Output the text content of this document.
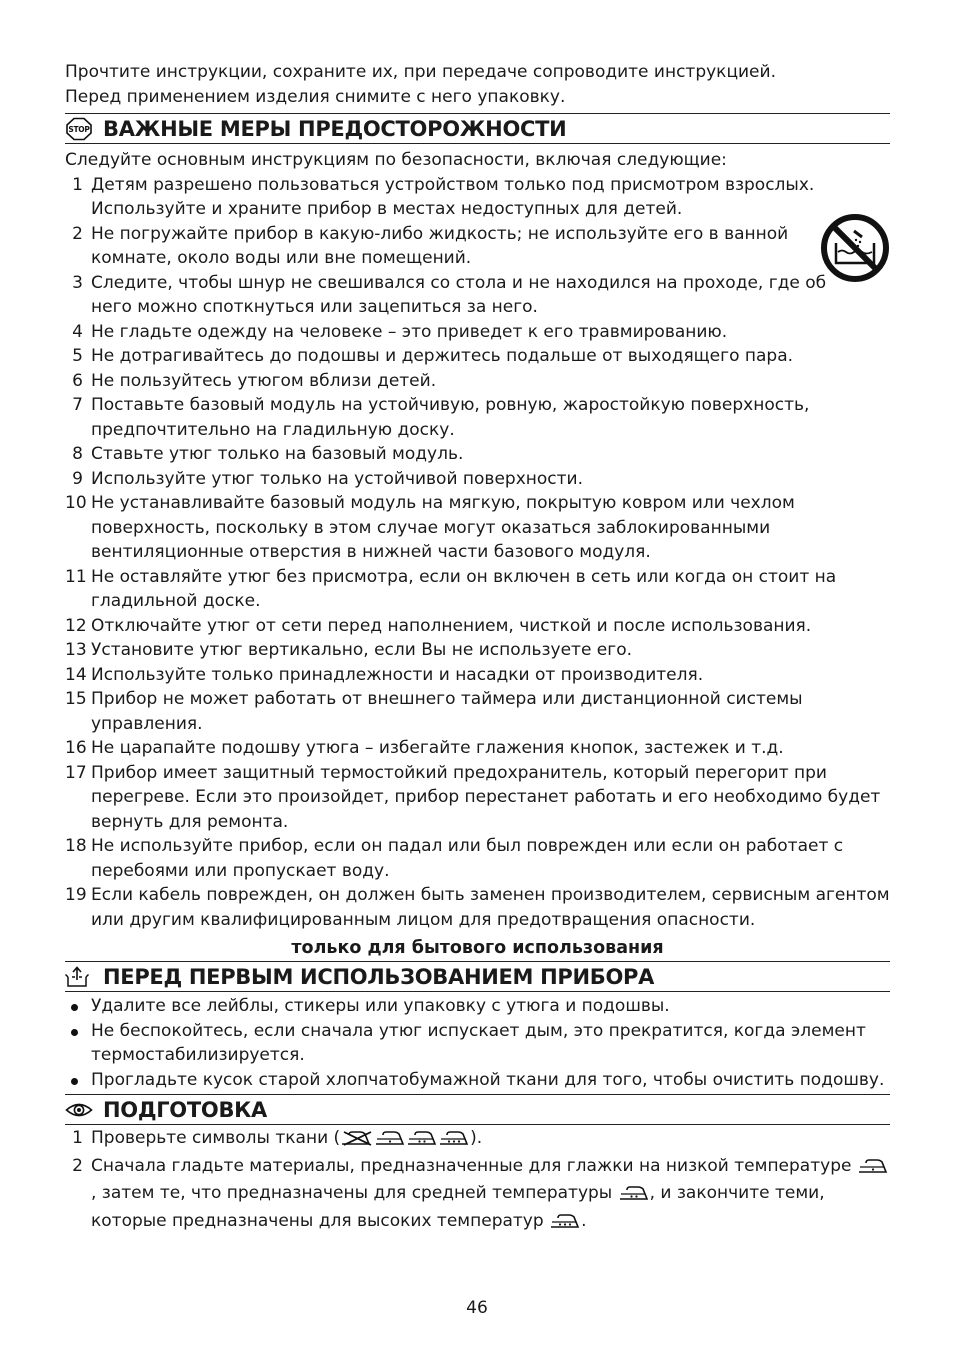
Прочтите инструкции, сохраните их, при передаче сопроводите инструкцией.

Перед применением изделия снимите с него упаковку.

STOP ВАЖНЫЕ МЕРЫ ПРЕДОСТОРОЖНОСТИ

Следуйте основным инструкциям по безопасности, включая следующие:

1 Детям разрешено пользоваться устройством только под присмотром взрослых. Используйте и храните прибор в местах недоступных для детей.
2 Не погружайте прибор в какую-либо жидкость; не используйте его в ванной комнате, около воды или вне помещений.
3 Следите, чтобы шнур не свешивался со стола и не находился на проходе, где об него можно споткнуться или зацепиться за него.
4 Не гладьте одежду на человеке – это приведет к его травмированию.
5 Не дотрагивайтесь до подошвы и держитесь подальше от выходящего пара.
6 Не пользуйтесь утюгом вблизи детей.
7 Поставьте базовый модуль на устойчивую, ровную, жаростойкую поверхность, предпочтительно на гладильную доску.
8 Ставьте утюг только на базовый модуль.
9 Используйте утюг только на устойчивой поверхности.
10 Не устанавливайте базовый модуль на мягкую, покрытую ковром или чехлом поверхность, поскольку в этом случае могут оказаться заблокированными вентиляционные отверстия в нижней части базового модуля.
11 Не оставляйте утюг без присмотра, если он включен в сеть или когда он стоит на гладильной доске.
12 Отключайте утюг от сети перед наполнением, чисткой и после использования.
13 Установите утюг вертикально, если Вы не используете его.
14 Используйте только принадлежности и насадки от производителя.
15 Прибор не может работать от внешнего таймера или дистанционной системы управления.
16 Не царапайте подошву утюга – избегайте глажения кнопок, застежек и т.д.
17 Прибор имеет защитный термостойкий предохранитель, который перегорит при перегреве. Если это произойдет, прибор перестанет работать и его необходимо будет вернуть для ремонта.
18 Не используйте прибор, если он падал или был поврежден или если он работает с перебоями или пропускает воду.
19 Если кабель поврежден, он должен быть заменен производителем, сервисным агентом или другим квалифицированным лицом для предотвращения опасности.
только для бытового использования
ПЕРЕД ПЕРВЫМ ИСПОЛЬЗОВАНИЕМ ПРИБОРА
Удалите все лейблы, стикеры или упаковку с утюга и подошвы.
Не беспокойтесь, если сначала утюг испускает дым, это прекратится, когда элемент термостабилизируется.
Прогладьте кусок старой хлопчатобумажной ткани для того, чтобы очистить подошву.
ПОДГОТОВКА
1 Проверьте символы ткани (	).
2 Сначала гладьте материалы, предназначенные для глажки на низкой температуре , затем те, что предназначены для средней температуры , и закончите теми, которые предназначены для высоких температур .
46
